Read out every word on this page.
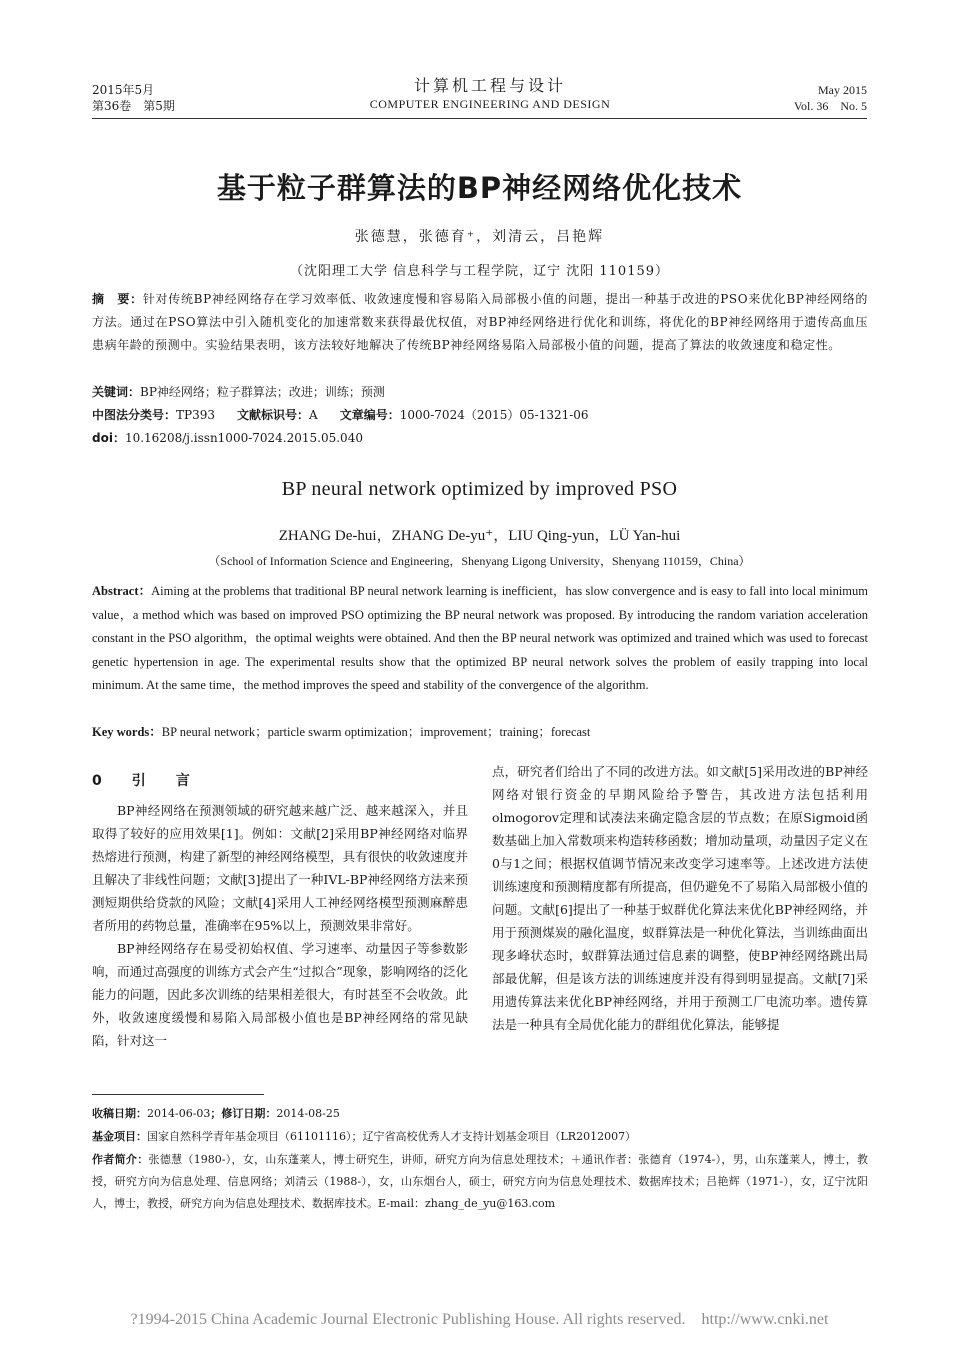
2015年5月
第36卷　第5期
计算机工程与设计
COMPUTER ENGINEERING AND DESIGN
May 2015
Vol. 36　No. 5
基于粒子群算法的BP神经网络优化技术
张德慧，张德育⁺，刘清云，吕艳辉
（沈阳理工大学 信息科学与工程学院，辽宁 沈阳 110159）
摘　要：针对传统BP神经网络存在学习效率低、收敛速度慢和容易陷入局部极小值的问题，提出一种基于改进的PSO来优化BP神经网络的方法。通过在PSO算法中引入随机变化的加速常数来获得最优权值，对BP神经网络进行优化和训练，将优化的BP神经网络用于遗传高血压患病年龄的预测中。实验结果表明，该方法较好地解决了传统BP神经网络易陷入局部极小值的问题，提高了算法的收敛速度和稳定性。
关键词：BP神经网络；粒子群算法；改进；训练；预测
中图法分类号：TP393 文献标识号：A 文章编号：1000-7024（2015）05-1321-06
doi：10.16208/j.issn1000-7024.2015.05.040
BP neural network optimized by improved PSO
ZHANG De-hui，ZHANG De-yu⁺，LIU Qing-yun，LÜ Yan-hui
（School of Information Science and Engineering，Shenyang Ligong University，Shenyang 110159，China）
Abstract：Aiming at the problems that traditional BP neural network learning is inefficient，has slow convergence and is easy to fall into local minimum value，a method which was based on improved PSO optimizing the BP neural network was proposed. By introducing the random variation acceleration constant in the PSO algorithm，the optimal weights were obtained. And then the BP neural network was optimized and trained which was used to forecast genetic hypertension in age. The experimental results show that the optimized BP neural network solves the problem of easily trapping into local minimum. At the same time，the method improves the speed and stability of the convergence of the algorithm.
Key words：BP neural network；particle swarm optimization；improvement；training；forecast
0　引　言

BP神经网络在预测领域的研究越来越广泛、越来越深入，并且取得了较好的应用效果[1]。例如：文献[2]采用BP神经网络对临界热熔进行预测，构建了新型的神经网络模型，具有很快的收敛速度并且解决了非线性问题；文献[3]提出了一种IVL-BP神经网络方法来预测短期供给贷款的风险；文献[4]采用人工神经网络模型预测麻醉患者所用的药物总量，准确率在95%以上，预测效果非常好。

BP神经网络存在易受初始权值、学习速率、动量因子等参数影响，而通过高强度的训练方式会产生“过拟合”现象，影响网络的泛化能力的问题，因此多次训练的结果相差很大，有时甚至不会收敛。此外，收敛速度缓慢和易陷入局部极小值也是BP神经网络的常见缺陷，针对这一

点，研究者们给出了不同的改进方法。如文献[5]采用改进的BP神经网络对银行资金的早期风险给予警告，其改进方法包括利用olmogorov定理和试凑法来确定隐含层的节点数；在原Sigmoid函数基础上加入常数项来构造转移函数；增加动量项，动量因子定义在0与1之间；根据权值调节情况来改变学习速率等。上述改进方法使训练速度和预测精度都有所提高，但仍避免不了易陷入局部极小值的问题。文献[6]提出了一种基于蚁群优化算法来优化BP神经网络，并用于预测煤炭的融化温度，蚁群算法是一种优化算法，当训练曲面出现多峰状态时，蚁群算法通过信息素的调整，使BP神经网络跳出局部最优解，但是该方法的训练速度并没有得到明显提高。文献[7]采用遗传算法来优化BP神经网络，并用于预测工厂电流功率。遗传算法是一种具有全局优化能力的群组优化算法，能够提

收稿日期：2014-06-03；修订日期：2014-08-25
基金项目：国家自然科学青年基金项目（61101116）；辽宁省高校优秀人才支持计划基金项目（LR2012007）
作者简介：张德慧（1980-），女，山东蓬莱人，博士研究生，讲师，研究方向为信息处理技术；＋通讯作者：张德育（1974-），男，山东蓬莱人，博士，教授，研究方向为信息处理、信息网络；刘清云（1988-），女，山东烟台人，硕士，研究方向为信息处理技术、数据库技术；吕艳辉（1971-），女，辽宁沈阳人，博士，教授，研究方向为信息处理技术、数据库技术。E-mail：zhang_de_yu@163.com
?1994-2015 China Academic Journal Electronic Publishing House. All rights reserved.　http://www.cnki.net
